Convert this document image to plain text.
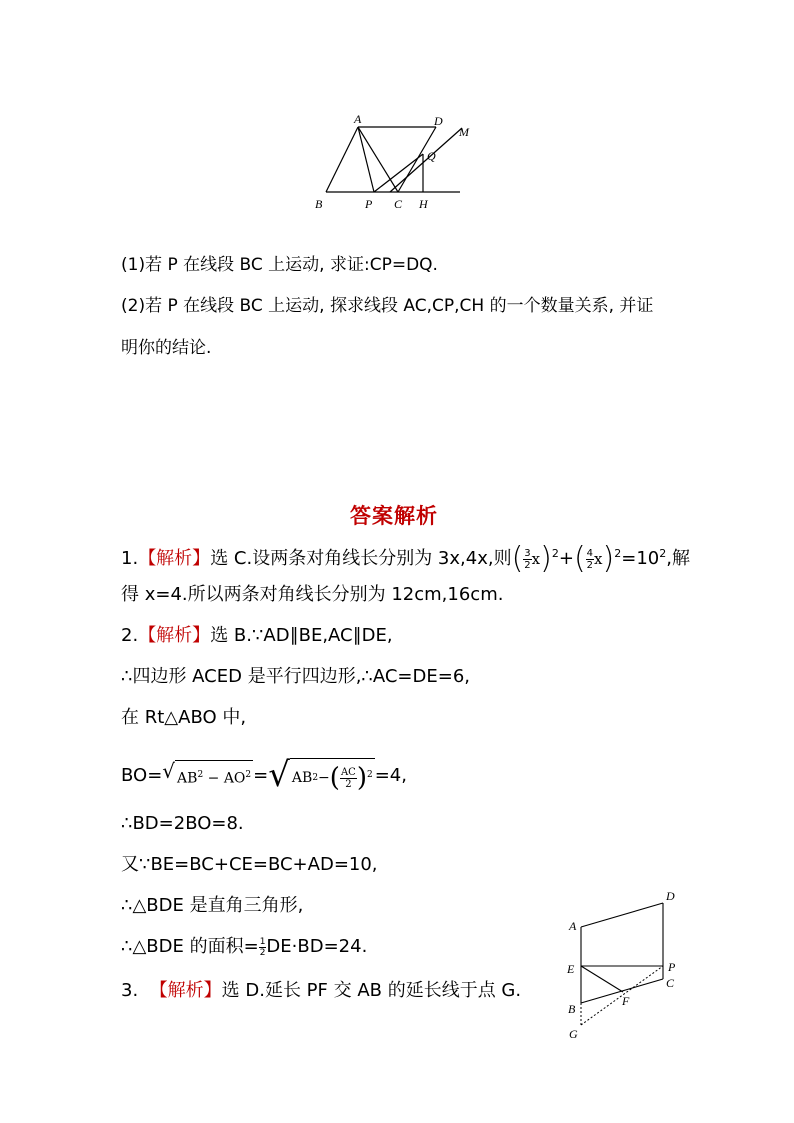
A	D
M
Q
B	P C H
(1)若 P 在线段 BC 上运动, 求证:CP=DQ.
(2)若 P 在线段 BC 上运动, 探求线段 AC,CP,CH 的一个数量关系, 并证
明你的结论.
答案解析
1.【解析】选 C.设两条对角线长分别为 3x,4x,则( $\frac{3}{2} x)^2+( \frac{4}{2} x)^2=10^2$,解
得 x=4.所以两条对角线长分别为 12cm,16cm.
2.【解析】选 B.∵AD∥BE,AC∥DE,
∴四边形 ACED 是平行四边形,∴AC=DE=6,
在 Rt△ABO 中,
BO= √ $AB^2 - AO^2$ = √ AB 2 − ( $\frac{AC}{2} )^2 =4$,
∴BD=2BO=8.
又∵BE=BC+CE=BC+AD=10,
∴△BDE 是直角三角形,
∴△BDE 的面积= $\frac{1}{2} DE\cdot BD=24$.
3. 【解析】选 D.延长 PF 交 AB 的延长线于点 G.
A
D
E	P
F
C
B
G
